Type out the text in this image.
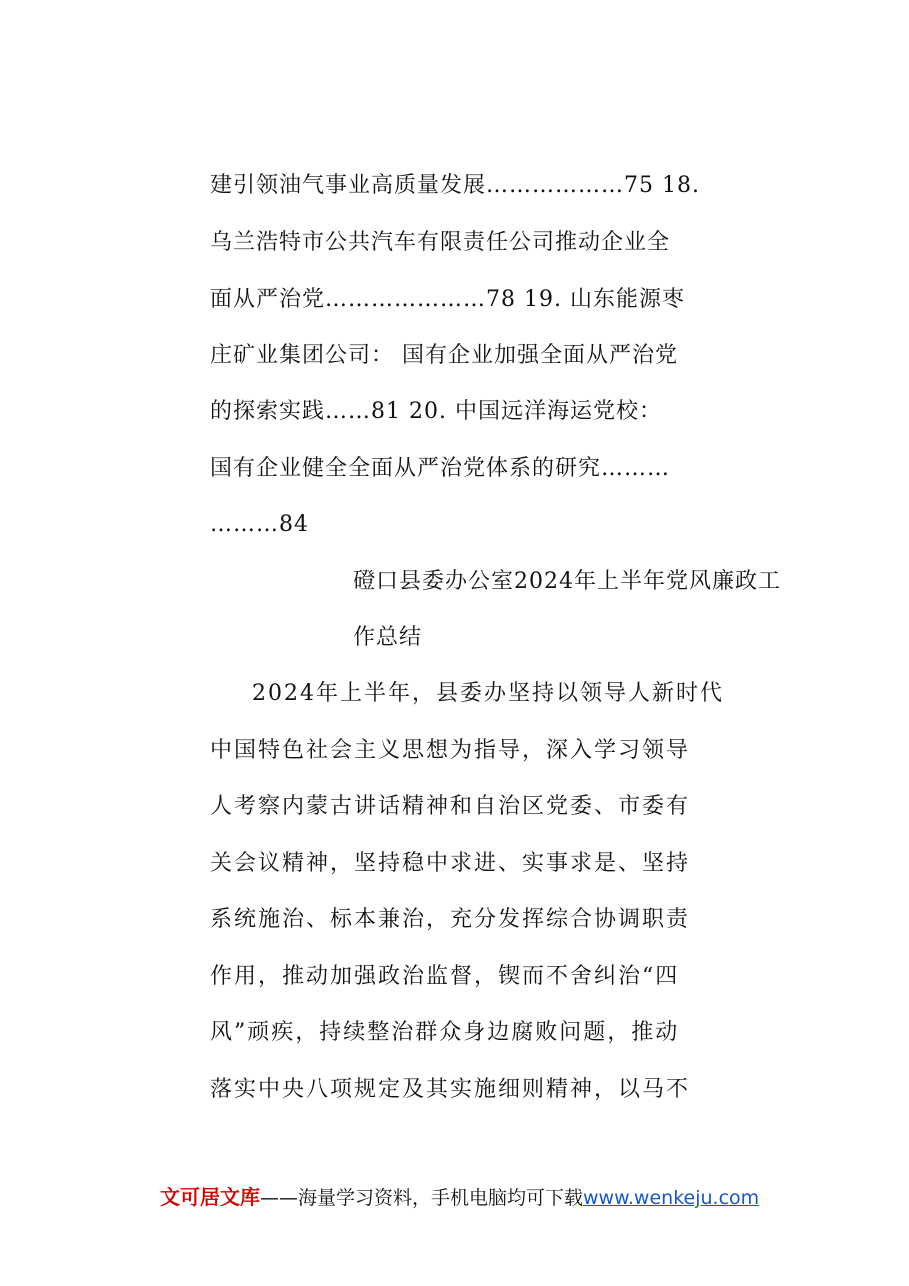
建引领油气事业高质量发展………………75 18.
乌兰浩特市公共汽车有限责任公司推动企业全
面从严治党…………………78 19. 山东能源枣
庄矿业集团公司： 国有企业加强全面从严治党
的探索实践……81 20. 中国远洋海运党校：
国有企业健全全面从严治党体系的研究………
………84
磴口县委办公室2024年上半年党风廉政工
作总结
2024年上半年，县委办坚持以领导人新时代
中国特色社会主义思想为指导，深入学习领导
人考察内蒙古讲话精神和自治区党委、市委有
关会议精神，坚持稳中求进、实事求是、坚持
系统施治、标本兼治，充分发挥综合协调职责
作用，推动加强政治监督，锲而不舍纠治“四
风”顽疾，持续整治群众身边腐败问题，推动
落实中央八项规定及其实施细则精神，以马不
文可居文库——海量学习资料，手机电脑均可下载www.wenkeju.com
